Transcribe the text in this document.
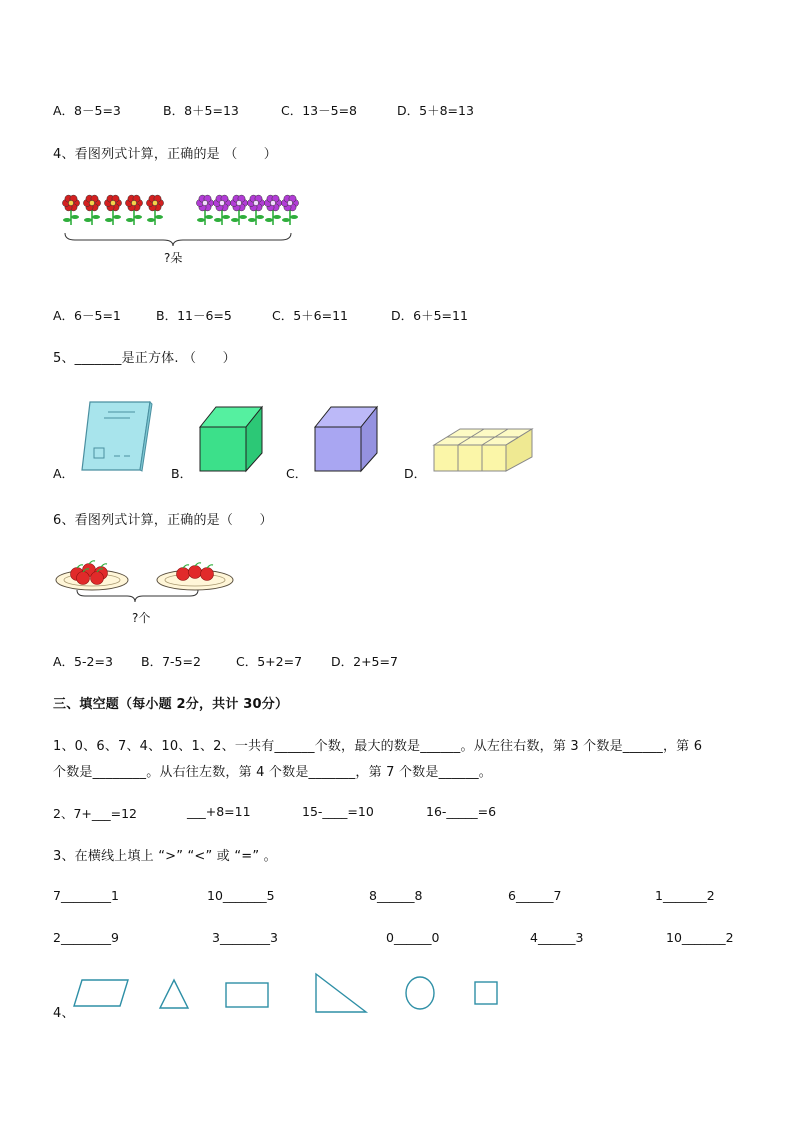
A．8－5=3	B．8＋5=13	C．13－5=8	D．5＋8=13
4、看图列式计算，正确的是 （　　）
?朵
A．6－5=1	B．11－6=5	C．5＋6=11	D．6＋5=11
5、_______是正方体. （　　）
A．	B．	C．	D．
6、看图列式计算，正确的是（　　）
?个
A．5-2=3 B．7-5=2	C．5+2=7 D．2+5=7
三、填空题（每小题 2分，共计 30分）
1、0、6、7、4、10、1、2、一共有______个数，最大的数是______。从左往右数，第 3 个数是______，第 6
个数是________。从右往左数，第 4 个数是_______，第 7 个数是______。
2、7+___=12	___+8=11	15-____=10	16-_____=6
3、在横线上填上 “>” “<” 或 “=” 。
7________1	10_______5	8______8	6______7	1_______2
2________9	3________3	0______0	4______3	10_______2
4、
